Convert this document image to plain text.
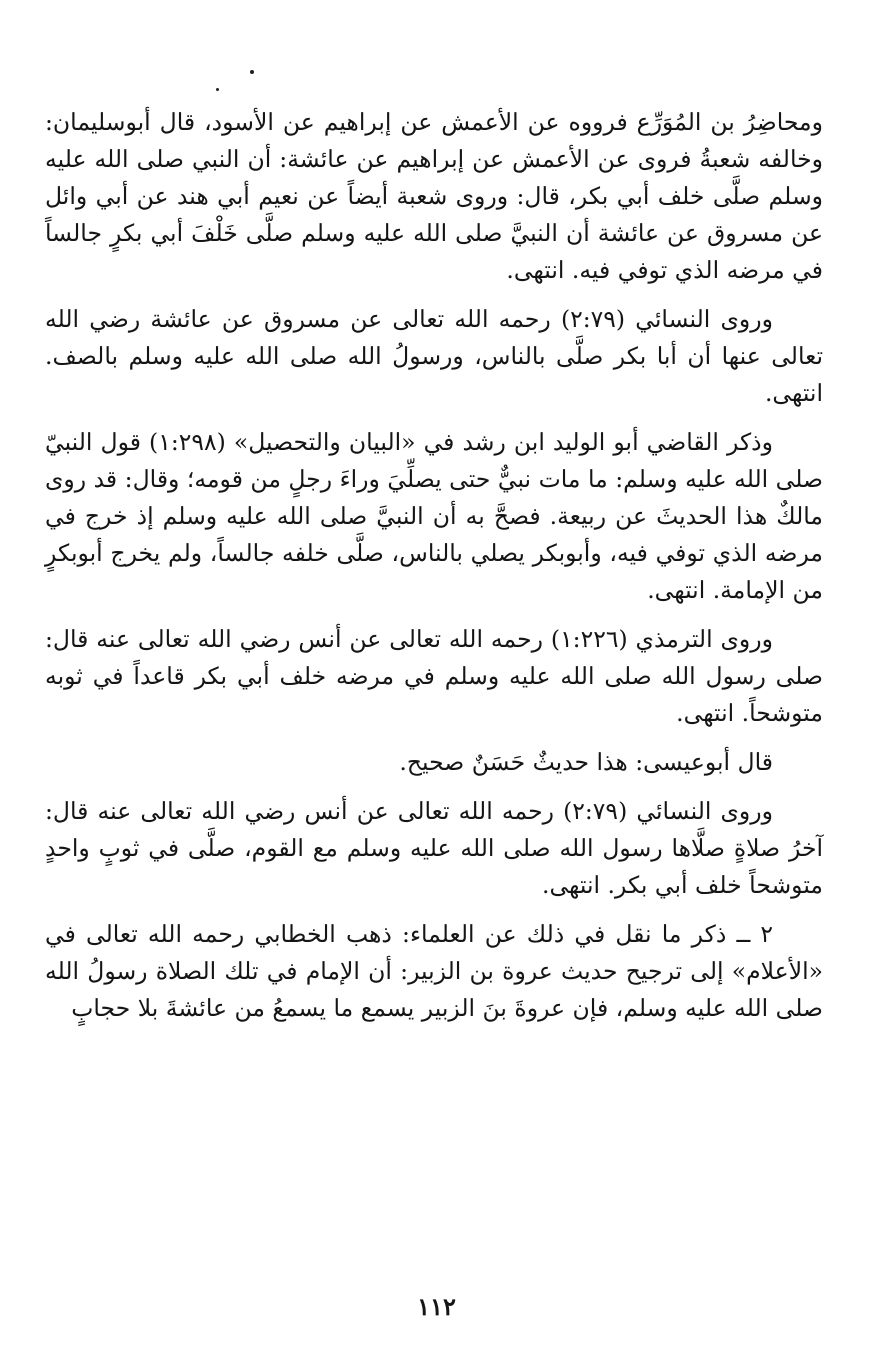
ومحاضِرُ بن المُوَرِّع فرووه عن الأعمش عن إبراهيم عن الأسود، قال أبوسليمان: وخالفه شعبةُ فروى عن الأعمش عن إبراهيم عن عائشة: أن النبي صلى الله عليه وسلم صلَّى خلف أبي بكر، قال: وروى شعبة أيضاً عن نعيم أبي هند عن أبي وائل عن مسروق عن عائشة أن النبيَّ صلى الله عليه وسلم صلَّى خَلْفَ أبي بكرٍ جالساً في مرضه الذي توفي فيه. انتهى.

وروى النسائي (٢:٧٩) رحمه الله تعالى عن مسروق عن عائشة رضي الله تعالى عنها أن أبا بكر صلَّى بالناس، ورسولُ الله صلى الله عليه وسلم بالصف. انتهى.

وذكر القاضي أبو الوليد ابن رشد في «البيان والتحصيل» (١:٢٩٨) قول النبيّ صلى الله عليه وسلم: ما مات نبيٌّ حتى يصلِّيَ وراءَ رجلٍ من قومه؛ وقال: قد روى مالكٌ هذا الحديثَ عن ربيعة. فصحَّ به أن النبيَّ صلى الله عليه وسلم إذ خرج في مرضه الذي توفي فيه، وأبوبكر يصلي بالناس، صلَّى خلفه جالساً، ولم يخرج أبوبكرٍ من الإمامة. انتهى.

وروى الترمذي (١:٢٢٦) رحمه الله تعالى عن أنس رضي الله تعالى عنه قال: صلى رسول الله صلى الله عليه وسلم في مرضه خلف أبي بكر قاعداً في ثوبه متوشحاً. انتهى.

قال أبوعيسى: هذا حديثٌ حَسَنٌ صحيح.

وروى النسائي (٢:٧٩) رحمه الله تعالى عن أنس رضي الله تعالى عنه قال: آخرُ صلاةٍ صلَّاها رسول الله صلى الله عليه وسلم مع القوم، صلَّى في ثوبٍ واحدٍ متوشحاً خلف أبي بكر. انتهى.

٢ ــ ذكر ما نقل في ذلك عن العلماء: ذهب الخطابي رحمه الله تعالى في «الأعلام» إلى ترجيح حديث عروة بن الزبير: أن الإمام في تلك الصلاة رسولُ الله صلى الله عليه وسلم، فإن عروةَ بنَ الزبير يسمع ما يسمعُ من عائشةَ بلا حجابٍ

١١٢
